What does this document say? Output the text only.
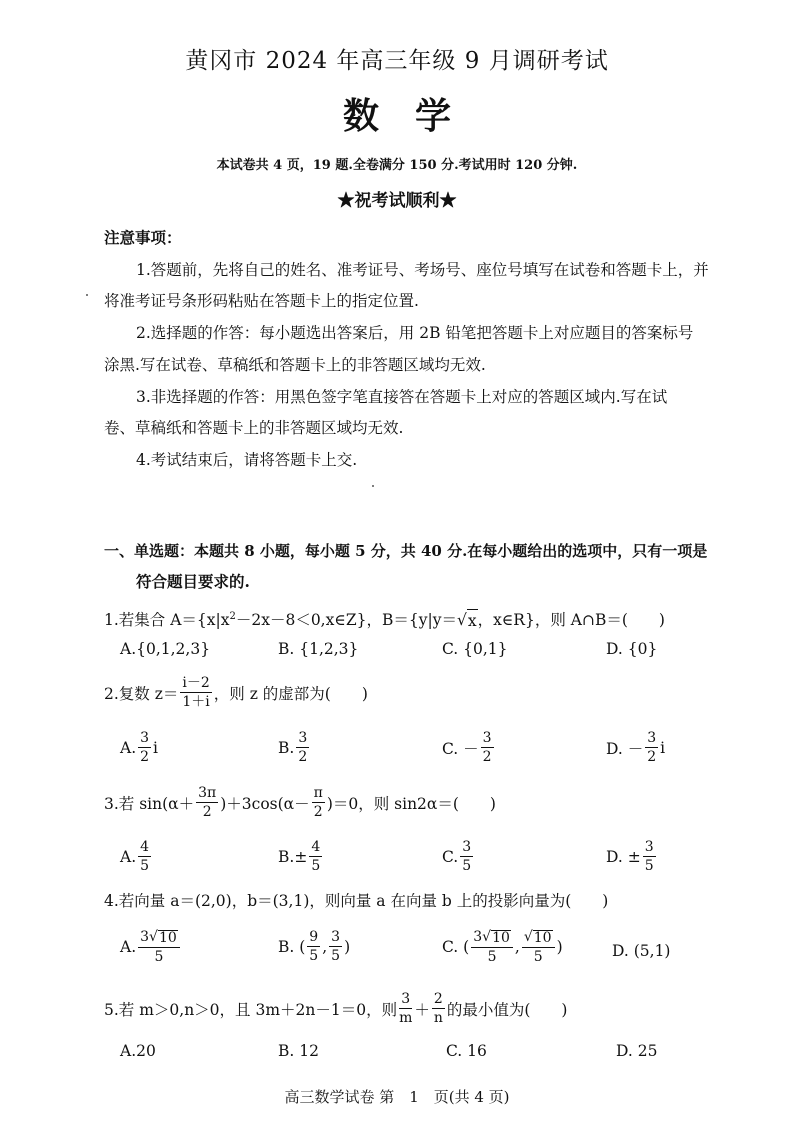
黄冈市 2024 年高三年级 9 月调研考试
数学
本试卷共 4 页，19 题.全卷满分 150 分.考试用时 120 分钟.
★祝考试顺利★
注意事项：
1.答题前，先将自己的姓名、准考证号、考场号、座位号填写在试卷和答题卡上，并
将准考证号条形码粘贴在答题卡上的指定位置.
2.选择题的作答：每小题选出答案后，用 2B 铅笔把答题卡上对应题目的答案标号
涂黑.写在试卷、草稿纸和答题卡上的非答题区域均无效.
3.非选择题的作答：用黑色签字笔直接答在答题卡上对应的答题区域内.写在试
卷、草稿纸和答题卡上的非答题区域均无效.
4.考试结束后，请将答题卡上交.
一、单选题：本题共 8 小题，每小题 5 分，共 40 分.在每小题给出的选项中，只有一项是
符合题目要求的.
1.若集合 $A=\{x|x^2-2x-8<0,x\in Z\}$，B＝{y|y＝√ x ，x∈R}，则 A∩B＝(　　)
A.{0,1,2,3}	B. {1,2,3}	C. {0,1}	D. {0}
2.复数 $z= \frac{i-2}{1+i}$ ，则 z 的虚部为(　　)
A. $\frac{3}{2}$ i	B. $\frac{3}{2}$	C. － $\frac{3}{2}$	D. － $\frac{3}{2}$ i
3.若 $\sin(\alpha+ \frac{3\pi}{2} )+3\cos(\alpha- \frac{\pi}{2} )=0$，则 sin2α＝(　　)
A. $\frac{4}{5}$	$B.\pm \frac{4}{5}$	C. $\frac{3}{5}$	D. ± $\frac{3}{5}$
4.若向量 a＝(2,0)，b＝(3,1)，则向量 a 在向量 b 上的投影向量为(　　)
A. $\frac{3√ 10}{5}$	B. ( $\frac{9}{5}$ , $\frac{3}{5}$ )	C. ( $\frac{3√ 10}{5}$ , $\frac{√ 10}{5}$ )	D. (5,1)
5.若 m＞0,n＞0，且 3m＋2n－1＝0，则 $\frac{3}{m} + \frac{2}{n}$ 的最小值为(　　)
A.20	B. 12	C. 16	D. 25
高三数学试卷 第　1　页(共 4 页)
